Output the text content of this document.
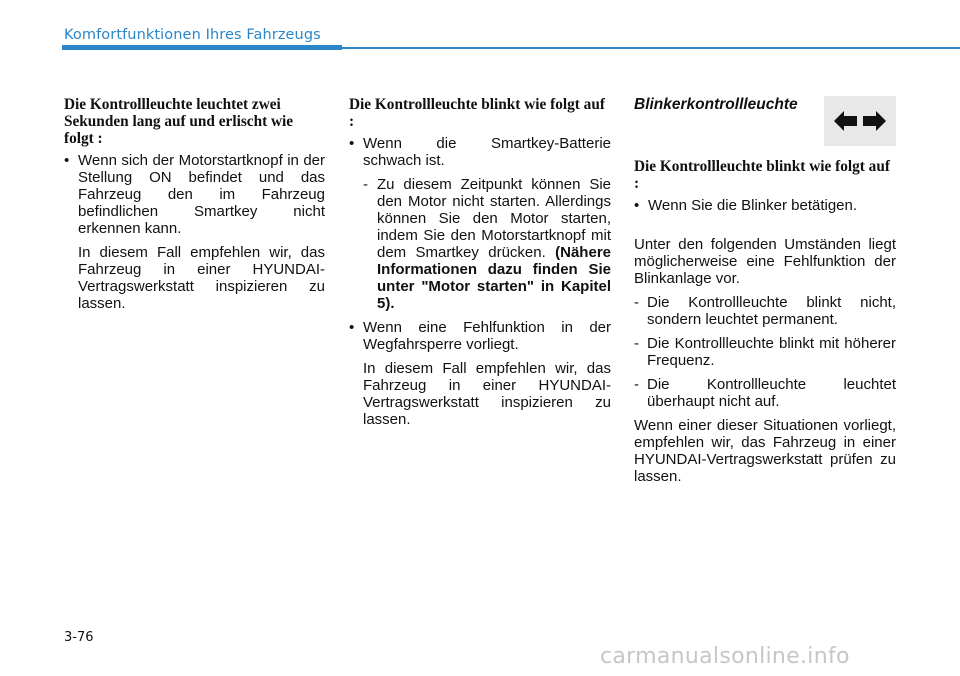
Komfortfunktionen Ihres Fahrzeugs
Die Kontrollleuchte leuchtet zwei Sekunden lang auf und erlischt wie folgt :
• Wenn sich der Motorstartknopf in der Stellung ON befindet und das Fahrzeug den im Fahrzeug befindlichen Smartkey nicht erkennen kann.
In diesem Fall empfehlen wir, das Fahrzeug in einer HYUNDAI-Vertragswerkstatt inspizieren zu lassen.
Die Kontrollleuchte blinkt wie folgt auf :
• Wenn die Smartkey-Batterie schwach ist.
- Zu diesem Zeitpunkt können Sie den Motor nicht starten. Allerdings können Sie den Motor starten, indem Sie den Motorstartknopf mit dem Smartkey drücken. (Nähere Informationen dazu finden Sie unter "Motor starten" in Kapitel 5).
• Wenn eine Fehlfunktion in der Wegfahrsperre vorliegt.
In diesem Fall empfehlen wir, das Fahrzeug in einer HYUNDAI-Vertragswerkstatt inspizieren zu lassen.
Blinkerkontrollleuchte
Die Kontrollleuchte blinkt wie folgt auf :
• Wenn Sie die Blinker betätigen.
Unter den folgenden Umständen liegt möglicherweise eine Fehlfunktion der Blinkanlage vor.
- Die Kontrollleuchte blinkt nicht, sondern leuchtet permanent.
- Die Kontrollleuchte blinkt mit höherer Frequenz.
- Die Kontrollleuchte leuchtet überhaupt nicht auf.
Wenn einer dieser Situationen vorliegt, empfehlen wir, das Fahrzeug in einer HYUNDAI-Vertragswerkstatt prüfen zu lassen.
3-76
carmanualsonline.info
